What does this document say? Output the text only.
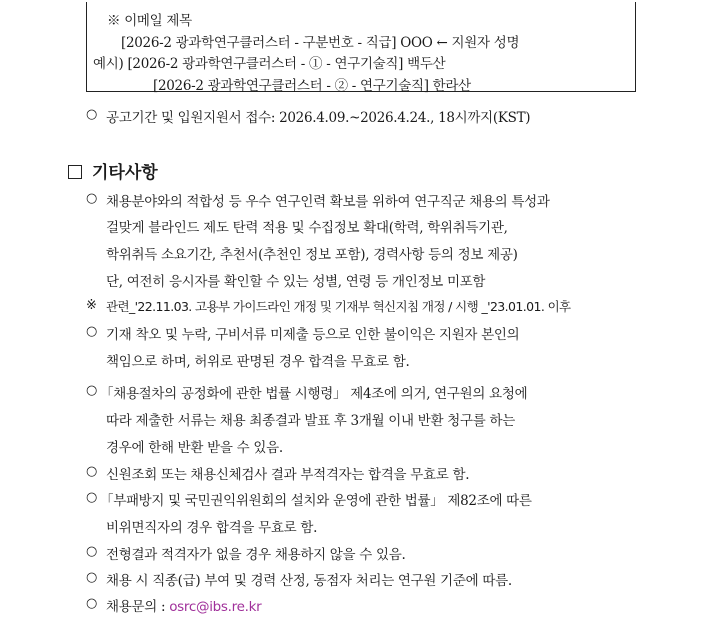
※ 이메일 제목
[2026-2 광과학연구클러스터 - 구분번호 - 직급] OOO ← 지원자 성명
예시) [2026-2 광과학연구클러스터 - ① - 연구기술직] 백두산
[2026-2 광과학연구클러스터 - ② - 연구기술직] 한라산
○ 공고기간 및 입원지원서 접수: 2026.4.09.~2026.4.24., 18시까지(KST)
기타사항
○ 채용분야와의 적합성 등 우수 연구인력 확보를 위하여 연구직군 채용의 특성과
걸맞게 블라인드 제도 탄력 적용 및 수집정보 확대(학력, 학위취득기관,
학위취득 소요기간, 추천서(추천인 정보 포함), 경력사항 등의 정보 제공)
단, 여전히 응시자를 확인할 수 있는 성별, 연령 등 개인정보 미포함
※ 관련_'22.11.03. 고용부 가이드라인 개정 및 기재부 혁신지침 개정 / 시행 _'23.01.01. 이후
○ 기재 착오 및 누락, 구비서류 미제출 등으로 인한 불이익은 지원자 본인의
책임으로 하며, 허위로 판명된 경우 합격을 무효로 함.
○ 「채용절차의 공정화에 관한 법률 시행령」 제4조에 의거, 연구원의 요청에
따라 제출한 서류는 채용 최종결과 발표 후 3개월 이내 반환 청구를 하는
경우에 한해 반환 받을 수 있음.
○ 신원조회 또는 채용신체검사 결과 부적격자는 합격을 무효로 함.
○ 「부패방지 및 국민권익위원회의 설치와 운영에 관한 법률」 제82조에 따른
비위면직자의 경우 합격을 무효로 함.
○ 전형결과 적격자가 없을 경우 채용하지 않을 수 있음.
○ 채용 시 직종(급) 부여 및 경력 산정, 동점자 처리는 연구원 기준에 따름.
○ 채용문의 : osrc@ibs.re.kr
